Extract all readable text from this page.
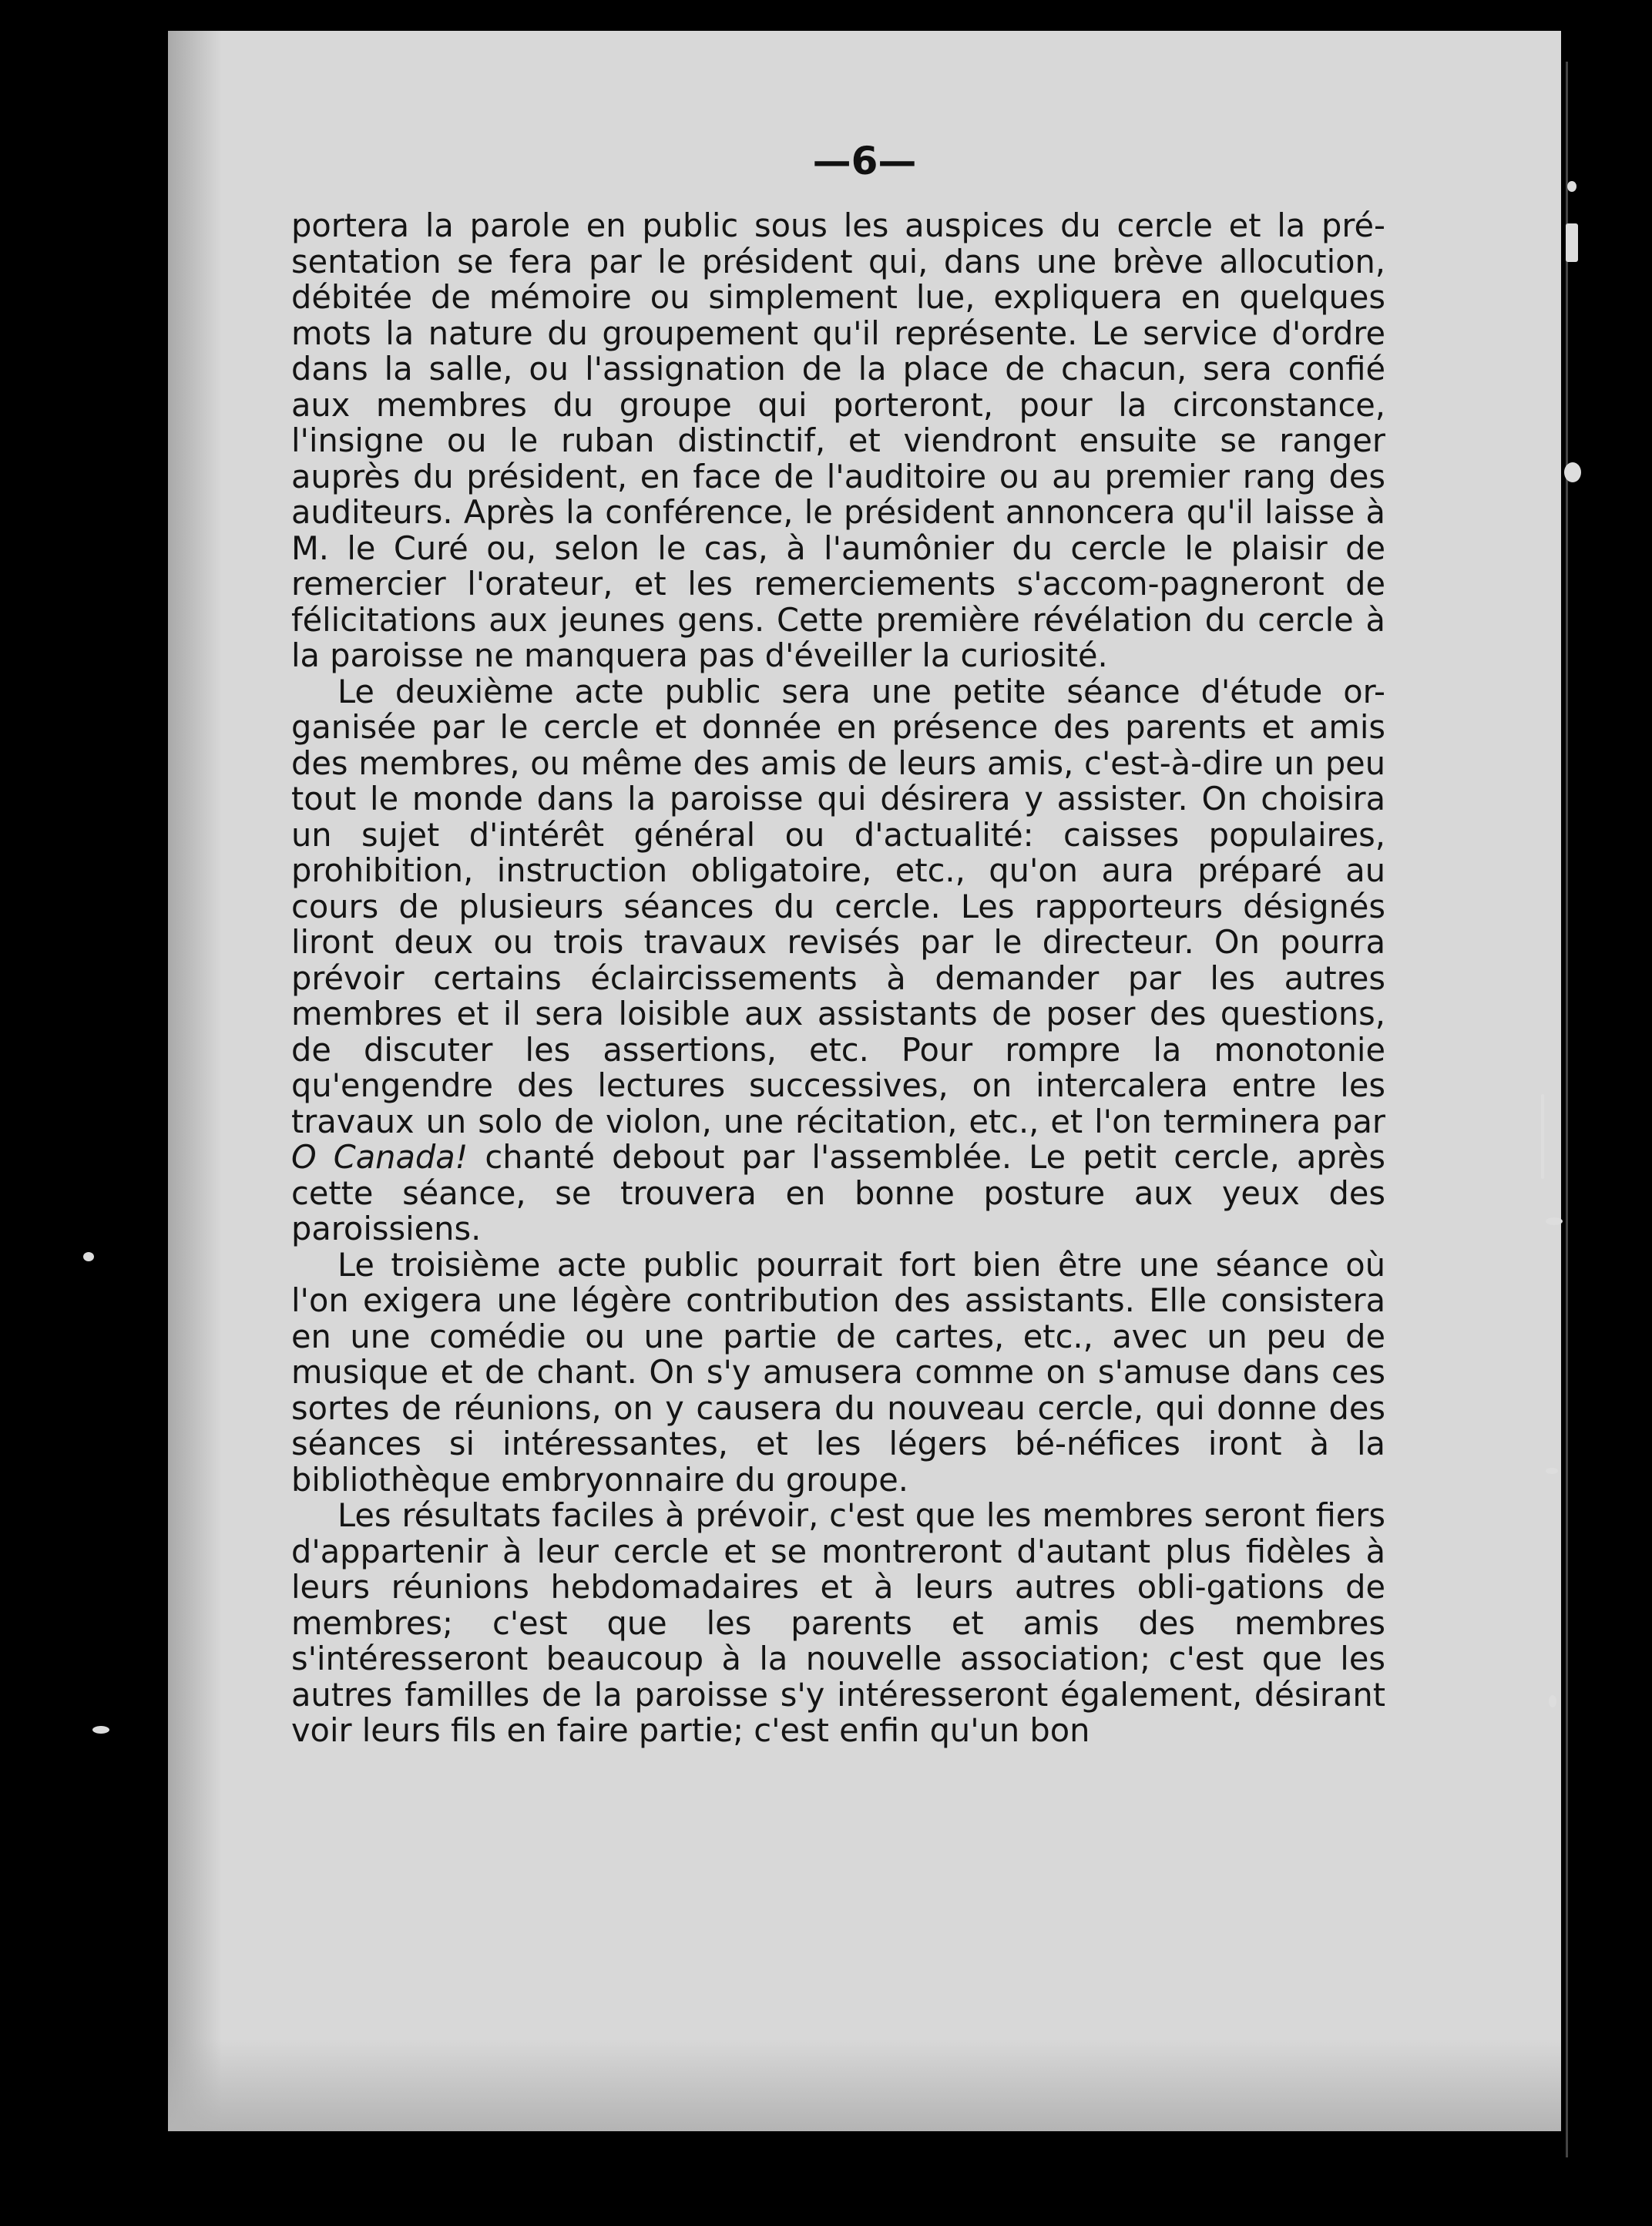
—6—

portera la parole en public sous les auspices du cercle et la pré-sentation se fera par le président qui, dans une brève allocution, débitée de mémoire ou simplement lue, expliquera en quelques mots la nature du groupement qu'il représente. Le service d'ordre dans la salle, ou l'assignation de la place de chacun, sera confié aux membres du groupe qui porteront, pour la circonstance, l'insigne ou le ruban distinctif, et viendront ensuite se ranger auprès du président, en face de l'auditoire ou au premier rang des auditeurs. Après la conférence, le président annoncera qu'il laisse à M. le Curé ou, selon le cas, à l'aumônier du cercle le plaisir de remercier l'orateur, et les remerciements s'accom-pagneront de félicitations aux jeunes gens. Cette première révélation du cercle à la paroisse ne manquera pas d'éveiller la curiosité.

Le deuxième acte public sera une petite séance d'étude or-ganisée par le cercle et donnée en présence des parents et amis des membres, ou même des amis de leurs amis, c'est-à-dire un peu tout le monde dans la paroisse qui désirera y assister. On choisira un sujet d'intérêt général ou d'actualité: caisses populaires, prohibition, instruction obligatoire, etc., qu'on aura préparé au cours de plusieurs séances du cercle. Les rapporteurs désignés liront deux ou trois travaux revisés par le directeur. On pourra prévoir certains éclaircissements à demander par les autres membres et il sera loisible aux assistants de poser des questions, de discuter les assertions, etc. Pour rompre la monotonie qu'engendre des lectures successives, on intercalera entre les travaux un solo de violon, une récitation, etc., et l'on terminera par O Canada! chanté debout par l'assemblée. Le petit cercle, après cette séance, se trouvera en bonne posture aux yeux des paroissiens.

Le troisième acte public pourrait fort bien être une séance où l'on exigera une légère contribution des assistants. Elle consistera en une comédie ou une partie de cartes, etc., avec un peu de musique et de chant. On s'y amusera comme on s'amuse dans ces sortes de réunions, on y causera du nouveau cercle, qui donne des séances si intéressantes, et les légers bé-néfices iront à la bibliothèque embryonnaire du groupe.

Les résultats faciles à prévoir, c'est que les membres seront fiers d'appartenir à leur cercle et se montreront d'autant plus fidèles à leurs réunions hebdomadaires et à leurs autres obli-gations de membres; c'est que les parents et amis des membres s'intéresseront beaucoup à la nouvelle association; c'est que les autres familles de la paroisse s'y intéresseront également, désirant voir leurs fils en faire partie; c'est enfin qu'un bon
